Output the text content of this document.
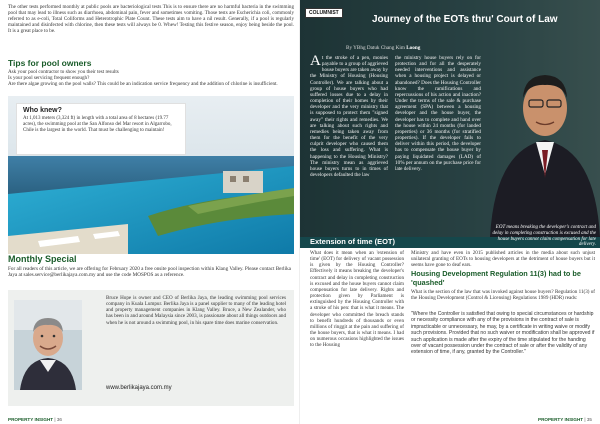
The other tests performed monthly at public pools are bacteriological tests This is to ensure there are no harmful bacteria in the swimming pool that may lead to illness such as diarrhoea, abdominal pain, fever and sometimes vomiting. Those tests are Escherichia coli, commonly referred to as e-coli, Total Coliforms and Heterotrophic Plate Count. These tests aim to have a nil result. Generally, if a pool is regularly maintained and disinfected with chlorine, then these tests will always be 0. Whew! Testing this festive season, enjoy being beside the pool. It is a great place to be.

Tips for pool owners
Ask your pool contractor to show you their test results
Is your pool servicing frequent enough?
Are there algae growing on the pool walls? This could be an indication service frequency and the addition of chlorine is insufficient.
Who knew?

At 1,013 meters (3,324 ft) in length with a total area of 8 hectares (19.77 acres), the swimming pool at the San Alfonso del Mar resort in Algarrobo, Chile is the largest in the world. That must be challenging to maintain!

Monthly Special

For all readers of this article, we are offering for February 2020 a free onsite pool inspection within Klang Valley. Please contact Berlika Jaya at sales.service@berlikajaya.com.my and use the code MOSPOS as a reference.

Bruce Hope is owner and CEO of Berlika Jaya, the leading swimming pool services company in Kuala Lumpur. Berlika Jaya is a panel supplier to many of the leading hotel and property management companies in Klang Valley. Bruce, a New Zealander, who has been in and around Malaysia since 2003, is passionate about all things outdoors and when he is not around a swimming pool, in his spare time does marine conservation.

www.berlikajaya.com.my
PROPERTY INSIGHT | 36
COLUMNIST
Journey of the EOTs thru' Court of Law
By YBhg Datuk Chang Kim Loong
At the stroke of a pen, monies payable to a group of aggrieved house buyers are taken away by the Ministry of Housing (Housing Controller). We are talking about a group of house buyers who had suffered losses due to a delay in completion of their homes by their developer and the very ministry that is supposed to protect them "signed away" their rights and remedies. We are talking about such rights and remedies being taken away from them for the benefit of the very culprit developer who caused them the loss and suffering. What is happening to the Housing Ministry? The ministry mean as aggrieved house buyers turns to in times of developers defaulted the law
the ministry house buyers rely on for protection and for all the desperately needed interventions and assistance when a housing project is delayed or abandoned? Does the Housing Controller know the ramifications and repercussions of his action and inaction? Under the terms of the sale & purchase agreement (SPA) between a housing developer and the house buyer, the developer has to complete and hand over the house within 24 months (for landed properties) or 36 months (for stratified properties). If the developer fails to deliver within this period, the developer has to compensate the house buyer by paying liquidated damages (LAD) of 10% per annum on the purchase price for late delivery.

EOT means breaking the developer's contract and delay in completing construction is excused and the house buyers cannot claim compensation for late delivery.

Extension of time (EOT)

What does it mean when an 'extension of time' (EOT) for delivery of vacant possession is given by the Housing Controller? Effectively it means breaking the developer's contract and delay in completing construction is excused and the house buyers cannot claim compensation for late delivery. Rights and protection given by Parliament is extinguished by the Housing Controller with a stroke of his pen: that is what it means. The developer who committed the breach stands to benefit hundreds of thousands or even millions of ringgit at the pain and suffering of the house buyers, that is what it means. I had on numerous occasions highlighted the issues to the Housing

Ministry and have even in 2015 published articles in the media about such unjust unilateral granting of EOTs to housing developers at the detriment of house buyers but it seems have gone to deaf ears.

Housing Development Regulation 11(3) had to be 'quashed'

What is the section of the law that was invoked against house buyers? Regulation 11(3) of the Housing Development (Control & Licensing) Regulations 1989 (HDR) reads:

"Where the Controller is satisfied that owing to special circumstances or hardship or necessity compliance with any of the provisions in the contract of sale is impracticable or unnecessary, he may, by a certificate in writing waive or modify such provisions. Provided that no such waiver or modification shall be approved if such application is made after the expiry of the time stipulated for the handing over of vacant possession under the contract of sale or after the validity of any extension of time, if any, granted by the Controller."

PROPERTY INSIGHT | 35
